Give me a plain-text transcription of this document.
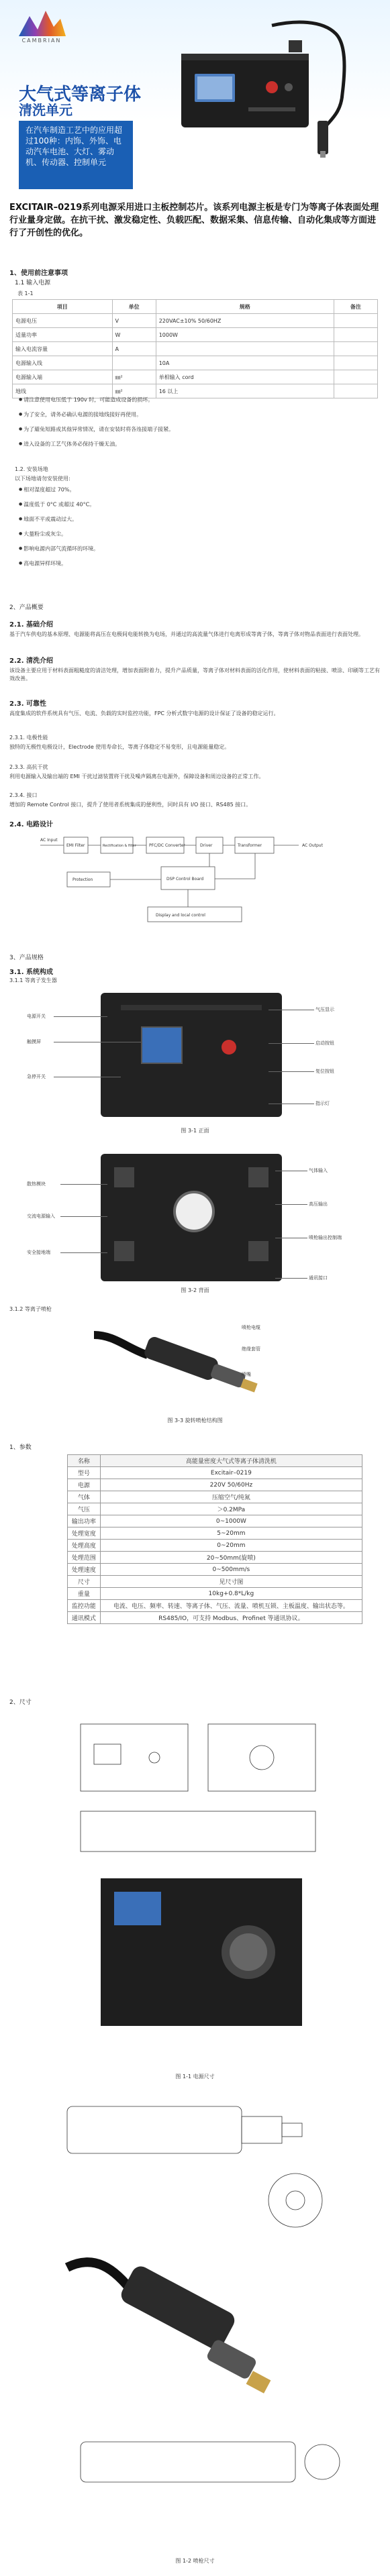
CAMBRIAN
大气式等离子体
清洗单元
在汽车制造工艺中的应用超过100种：内饰、外饰、电动汽车电池、大灯、雾动机、传动器、控制单元
EXCITAIR–0219系列电源采用进口主板控制芯片。该系列电源主板是专门为等离子体表面处理行业量身定做。在抗干扰、激发稳定性、负载匹配、数据采集、信息传输、自动化集成等方面进行了开创性的优化。
1、使用前注意事项
1.1 输入电源
表 1-1
项目	单位	规格	备注
电源电压	V	220VAC±10% 50/60HZ	
适量功率	W	1000W	
输入电流容量	A		
电源输入线		10A	
电源输入端	㎜²	单相输入 cord	
地线	㎜²	16 以上	
● 请注意使用电压低于 190v 时，可能造成设备的损坏。
● 为了安全，请务必确认电源的接地线接好再使用。
● 为了避免短路或其他异常情况，请在安装时将各连接端子接紧。
● 进入设备的工艺气体务必保持干燥无油。
1.2. 安装场地
以下场地请勿安装使用:
● 相对湿度超过 70%。
● 温度低于 0°C 或超过 40°C。
● 地面不平或震动过大。
● 大量粉尘或灰尘。
● 影响电源内部气流循环的环境。
● 高电源异样环境。
2、产品概要
2.1. 基础介绍
基于汽车供电的基本原理、电源能将高压在电极间电能转换为电场，并通过的高流量气体进行电离形成等离子体，等离子体对物品表面进行表面处理。
2.2. 清洗介绍
该设备主要应用于材料表面粗糙度的清洁处理，增加表面附着力，提升产品质量，等离子体对材料表面的活化作用，使材料表面的粘接、喷涂、印刷等工艺有效改善。
2.3. 可靠性
高度集成的软件系统具有气压、电流、负载的实时监控功能，FPC 分析式数字电源的设计保证了设备的稳定运行。
2.3.1. 电极性能
独特的无极性电极设计，Electrode 使用寿命长，等离子体稳定不易变形，且电源能量稳定。
2.3.3. 高抗干扰
利用电源输入及输出端的 EMI 干扰过滤装置将干扰及噪声隔离在电源外，保障设备和周边设备的正常工作。
2.3.4. 接口
增加的 Remote Control 接口，提升了使用者系统集成的便利性，同时具有 I/O 接口、RS485 接口。
2.4. 电路设计
AC Input
EMI Filter	Rectification & filter	PFC/DC Converter	Driver	Transformer	AC Output
Protection	DSP Control Board
Display and local control
3、产品规格
3.1. 系统构成
3.1.1 等离子发生器
电源开关
触摸屏
急停开关
气压显示
启动按钮
复位按钮
指示灯
图 3-1 正面
散热模块
交流电源输入
安全接地端
气体输入
高压输出
喷枪输出控制端
通讯接口
图 3-2 背面
3.1.2 等离子喷枪
喷枪电缆
绝缘套管
喷嘴
图 3-3 旋转喷枪结构图
1、参数
名称	高能量密度大气式等离子体清洗机
型号	Excitair–0219
电源	220V 50/60Hz
气体	压缩空气/纯氮
气压	＞0.2MPa
输出功率	0~1000W
处理宽度	5~20mm
处理高度	0~20mm
处理范围	20~50mm(旋喷)
处理速度	0~500mm/s
尺寸	见尺寸图
重量	10kg+0.8*L/kg
监控功能	电流、电压、频率、转速、等离子体、气压、流量、喷机互锁、主板温度、输出状态等。
通讯模式	RS485/IO，可支持 Modbus、Profinet 等通讯协议。
2、尺寸
图 1-1 电源尺寸
图 1-2 喷枪尺寸
